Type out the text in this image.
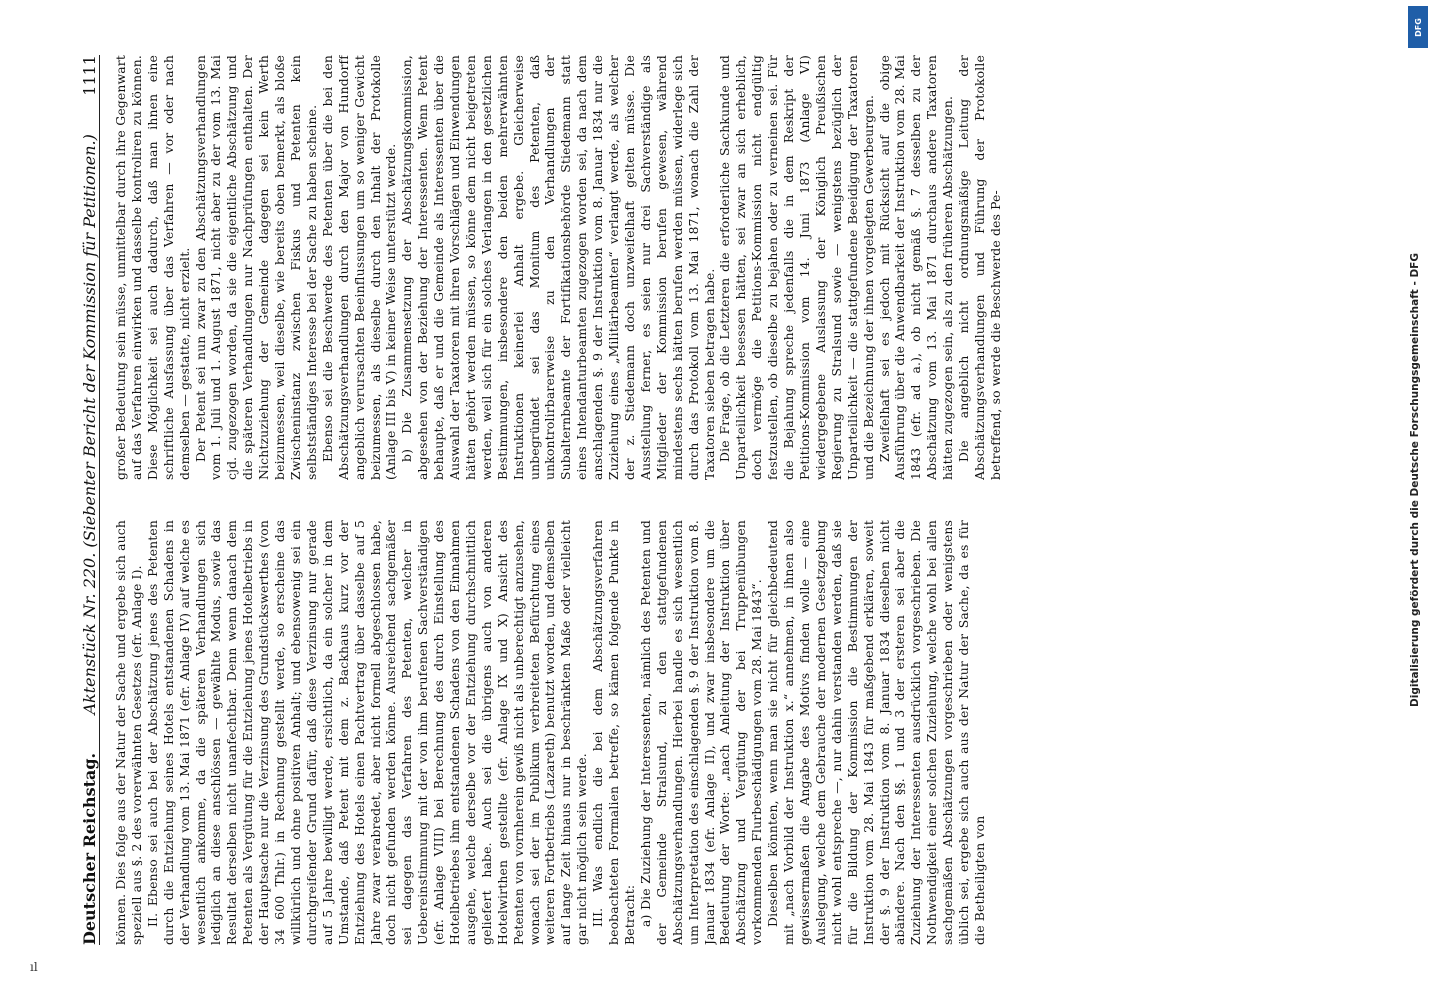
Deutscher Reichstag.
Aktenstück Nr. 220. (Siebenter Bericht der Kommission für Petitionen.)
1111

können. Dies folge aus der Natur der Sache und ergebe sich auch speziell aus §. 2 des vorerwähnten Gesetzes (efr. Anlage I). II. Ebenso sei auch bei der Abschätzung jenes des Petenten durch die Entziehung seines Hotels entstandenen Schadens in der Verhandlung vom 13. Mai 1871 (efr. Anlage IV) auf welche es wesentlich ankomme, da die späteren Verhandlungen sich lediglich an diese anschlössen — gewählte Modus, sowie das Resultat derselben nicht unanfechtbar. Denn wenn danach dem Petenten als Vergütung für die Entziehung jenes Hotelbetriebs in der Hauptsache nur die Verzinsung des Grundstückswerthes (von 34 600 Thlr.) in Rechnung gestellt werde, so erscheine das willkürlich und ohne positiven Anhalt; und ebensowenig sei ein durchgreifender Grund dafür, daß diese Verzinsung nur gerade auf 5 Jahre bewilligt werde, ersichtlich, da ein solcher in dem Umstande, daß Petent mit dem z. Backhaus kurz vor der Entziehung des Hotels einen Pachtvertrag über dasselbe auf 5 Jahre zwar verabredet, aber nicht formell abgeschlossen habe, doch nicht gefunden werden könne. Ausreichend sachgemäßer sei dagegen das Verfahren des Petenten, welcher in Uebereinstimmung mit der von ihm berufenen Sachverständigen (efr. Anlage VIII) bei Berechnung des durch Einstellung des Hotelbetriebes ihm entstandenen Schadens von den Einnahmen ausgehe, welche derselbe vor der Entziehung durchschnittlich geliefert habe. Auch sei die übrigens auch von anderen Hotelwirthen gestellte (efr. Anlage IX und X) Ansicht des Petenten von vornherein gewiß nicht als unberechtigt anzusehen, wonach sei der im Publikum verbreiteten Befürchtung eines weiteren Fortbetriebs (Lazareth) benutzt worden, und demselben auf lange Zeit hinaus nur in beschränkten Maße oder vielleicht gar nicht möglich sein werde. III. Was endlich die bei dem Abschätzungsverfahren beobachteten Formalien betreffe, so kämen folgende Punkte in Betracht: a) Die Zuziehung der Interessenten, nämlich des Petenten und der Gemeinde Stralsund, zu den stattgefundenen Abschätzungsverhandlungen. Hierbei handle es sich wesentlich um Interpretation des einschlagenden §. 9 der Instruktion vom 8. Januar 1834 (efr. Anlage II), und zwar insbesondere um die Bedeutung der Worte: „nach Anleitung der Instruktion über Abschätzung und Vergütung der bei Truppenübungen vorkommenden Flurbeschädigungen vom 28. Mai 1843“. Dieselben könnten, wenn man sie nicht für gleichbedeutend mit „nach Vorbild der Instruktion x.“ annehmen, in ihnen also gewissermaßen die Angabe des Motivs finden wolle — eine Auslegung, welche dem Gebrauche der modernen Gesetzgebung nicht wohl entspreche —, nur dahin verstanden werden, daß sie für die Bildung der Kommission die Bestimmungen der Instruktion vom 28. Mai 1843 für maßgebend erklären, soweit der §. 9 der Instruktion vom 8. Januar 1834 dieselben nicht abändere. Nach den §§. 1 und 3 der ersteren sei aber die Zuziehung der Interessenten ausdrücklich vorgeschrieben. Die Nothwendigkeit einer solchen Zuziehung, welche wohl bei allen sachgemäßen Abschätzungen vorgeschrieben oder wenigstens üblich sei, ergebe sich auch aus der Natur der Sache, da es für die Betheiligten von

großer Bedeutung sein müsse, unmittelbar durch ihre Gegenwart auf das Verfahren einwirken und dasselbe kontroliren zu können. Diese Möglichkeit sei auch dadurch, daß man ihnen eine schriftliche Ausfassung über das Verfahren — vor oder nach demselben — gestatte, nicht erzielt. Der Petent sei nun zwar zu den Abschätzungsverhandlungen vom 1. Juli und 1. August 1871, nicht aber zu der vom 13. Mai cjd. zugezogen worden, da sie die eigentliche Abschätzung und die späteren Verhandlungen nur Nachprüfungen enthalten. Der Nichtzuziehung der Gemeinde dagegen sei kein Werth beizumessen, weil dieselbe, wie bereits oben bemerkt, als bloße Zwischeninstanz zwischen Fiskus und Petenten kein selbstständiges Interesse bei der Sache zu haben scheine. Ebenso sei die Beschwerde des Petenten über die bei den Abschätzungsverhandlungen durch den Major von Hundorff angeblich verursachten Beeinflussungen um so weniger Gewicht beizumessen, als dieselbe durch den Inhalt der Protokolle (Anlage III bis V) in keiner Weise unterstützt werde. b) Die Zusammensetzung der Abschätzungskommission, abgesehen von der Beziehung der Interessenten. Wenn Petent behaupte, daß er und die Gemeinde als Interessenten über die Auswahl der Taxatoren mit ihren Vorschlägen und Einwendungen hätten gehört werden müssen, so könne dem nicht beigetreten werden, weil sich für ein solches Verlangen in den gesetzlichen Bestimmungen, insbesondere den beiden mehrerwähnten Instruktionen keinerlei Anhalt ergebe. Gleicherweise unbegründet sei das Monitum des Petenten, daß unkontrolirbarerweise zu den Verhandlungen der Subalternbeamte der Fortifikationsbehörde Stiedemann statt eines Intendanturbeamten zugezogen worden sei, da nach dem anschlagenden §. 9 der Instruktion vom 8. Januar 1834 nur die Zuziehung eines „Militärbeamten“ verlangt werde, als welcher der z. Stiedemann doch unzweifelhaft gelten müsse. Die Ausstellung ferner, es seien nur drei Sachverständige als Mitglieder der Kommission berufen gewesen, während mindestens sechs hätten berufen werden müssen, widerlege sich durch das Protokoll vom 13. Mai 1871, wonach die Zahl der Taxatoren sieben betragen habe. Die Frage, ob die Letzteren die erforderliche Sachkunde und Unparteilichkeit besessen hätten, sei zwar an sich erheblich, doch vermöge die Petitions-Kommission nicht endgültig festzustellen, ob dieselbe zu bejahen oder zu verneinen sei. Für die Bejahung spreche jedenfalls die in dem Reskript der Petitions-Kommission vom 14. Juni 1873 (Anlage VI) wiedergegebene Auslassung der Königlich Preußischen Regierung zu Stralsund sowie — wenigstens bezüglich der Unparteilichkeit — die stattgefundene Beeidigung der Taxatoren und die Bezeichnung der ihnen vorgelegten Gewerbeurgen. Zweifelhaft sei es jedoch mit Rücksicht auf die obige Ausführung über die Anwendbarkeit der Instruktion vom 28. Mai 1843 (efr. ad a.), ob nicht gemäß §. 7 desselben zu der Abschätzung vom 13. Mai 1871 durchaus andere Taxatoren hätten zugezogen sein, als zu den früheren Abschätzungen. Die angeblich nicht ordnungsmäßige Leitung der Abschätzungsverhandlungen und Führung der Protokolle betreffend, so werde die Beschwerde des Pe-

ıl
DFG
Digitalisierung gefördert durch die Deutsche Forschungsgemeinschaft - DFG
